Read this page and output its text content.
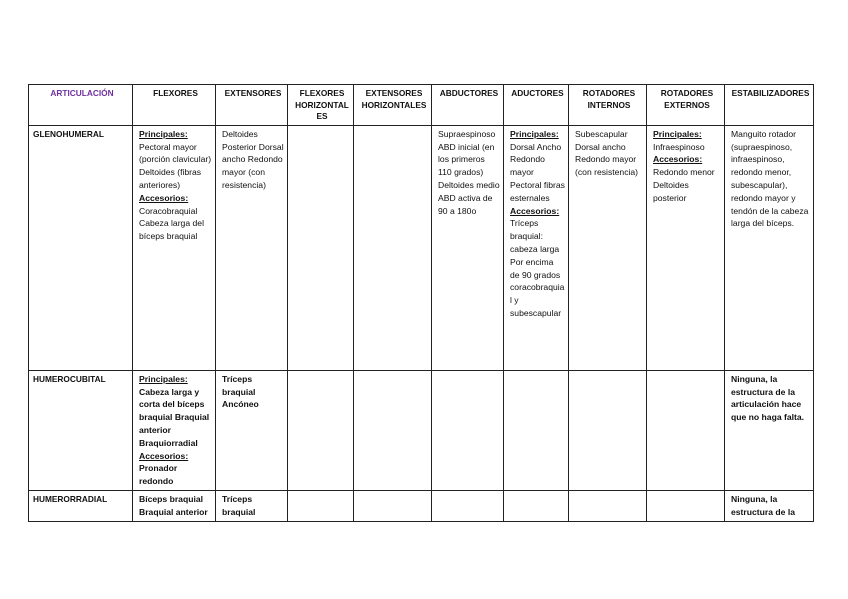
ARTICULACIÓN	FLEXORES	EXTENSORES	FLEXORES HORIZONTALES	EXTENSORES HORIZONTALES	ABDUCTORES	ADUCTORES	ROTADORES INTERNOS	ROTADORES EXTERNOS	ESTABILIZADORES
GLENOHUMERAL	Principales:
Pectoral mayor (porción clavicular) Deltoides (fibras anteriores)
Accesorios:
Coracobraquial Cabeza larga del bíceps braquial	Deltoides Posterior Dorsal ancho Redondo mayor (con resistencia)			Supraespinoso ABD inicial (en los primeros 110 grados) Deltoides medio ABD activa de 90 a 180o	Principales:
Dorsal Ancho Redondo mayor Pectoral fibras esternales
Accesorios:
Tríceps braquial: cabeza larga Por encima de 90 grados coracobraquial y subescapular	Subescapular Dorsal ancho Redondo mayor (con resistencia)	Principales:
Infraespinoso
Accesorios:
Redondo menor Deltoides posterior	Manguito rotador (supraespinoso, infraespinoso, redondo menor, subescapular), redondo mayor y tendón de la cabeza larga del bíceps.
HUMEROCUBITAL	Principales:
Cabeza larga y corta del bíceps braquial Braquial anterior Braquiorradial
Accesorios:
Pronador redondo	Tríceps braquial Ancóneo							Ninguna, la estructura de la articulación hace que no haga falta.
HUMERORRADIAL	Bíceps braquial Braquial anterior	Tríceps braquial							Ninguna, la estructura de la
